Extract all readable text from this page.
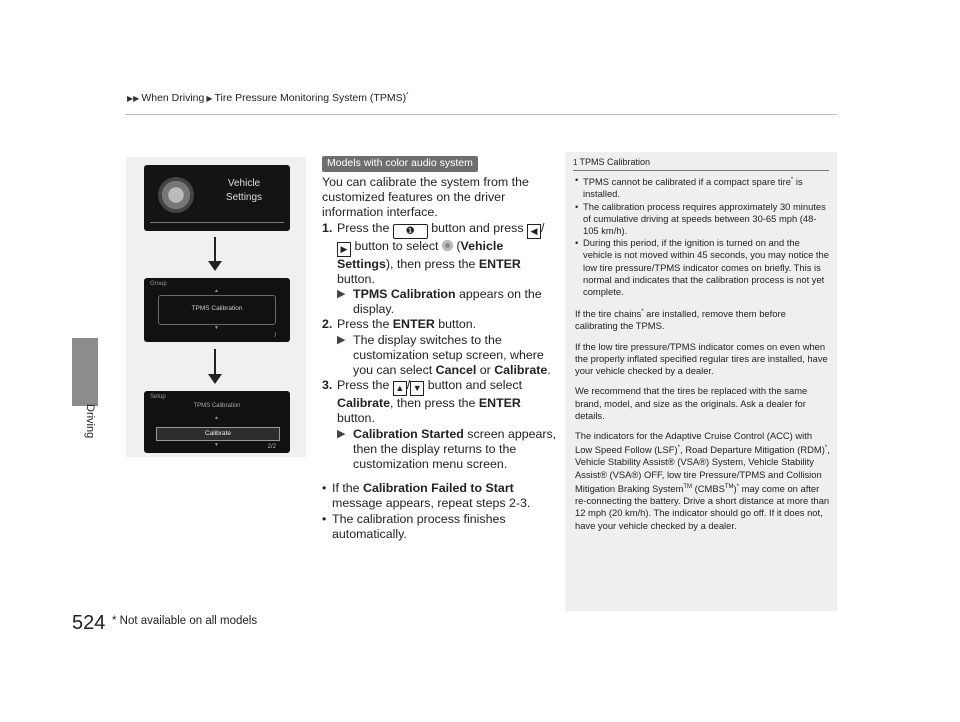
▶▶ When Driving ▶ Tire Pressure Monitoring System (TPMS)*
Driving
Vehicle
Settings
Group
TPMS Calibration
▲
▼
/
Setup
TPMS Calibration
▲
Calibrate
▼	2/2
Models with color audio system

You can calibrate the system from the customized features on the driver information interface.

1. Press the ❶ button and press ◀ /▶ button to select  (Vehicle Settings), then press the ENTER button.
▶ TPMS Calibration appears on the display.
2. Press the ENTER button.
▶ The display switches to the customization setup screen, where you can select Cancel or Calibrate.
3. Press the ▲ / ▼ button and select Calibrate, then press the ENTER button.
▶ Calibration Started screen appears, then the display returns to the customization menu screen.
• If the Calibration Failed to Start message appears, repeat steps 2-3.
• The calibration process finishes automatically.
1 TPMS Calibration

• TPMS cannot be calibrated if a compact spare tire* is installed.

• The calibration process requires approximately 30 minutes of cumulative driving at speeds between 30-65 mph (48-105 km/h).

• During this period, if the ignition is turned on and the vehicle is not moved within 45 seconds, you may notice the low tire pressure/TPMS indicator comes on briefly. This is normal and indicates that the calibration process is not yet complete.

If the tire chains* are installed, remove them before calibrating the TPMS.

If the low tire pressure/TPMS indicator comes on even when the properly inflated specified regular tires are installed, have your vehicle checked by a dealer.

We recommend that the tires be replaced with the same brand, model, and size as the originals. Ask a dealer for details.

The indicators for the Adaptive Cruise Control (ACC) with Low Speed Follow (LSF)*, Road Departure Mitigation (RDM)*, Vehicle Stability Assist® (VSA®) System, Vehicle Stability Assist® (VSA®) OFF, low tire Pressure/TPMS and Collision Mitigation Braking System™ (CMBS™)* may come on after re-connecting the battery. Drive a short distance at more than 12 mph (20 km/h). The indicator should go off. If it does not, have your vehicle checked by a dealer.

524 * Not available on all models
